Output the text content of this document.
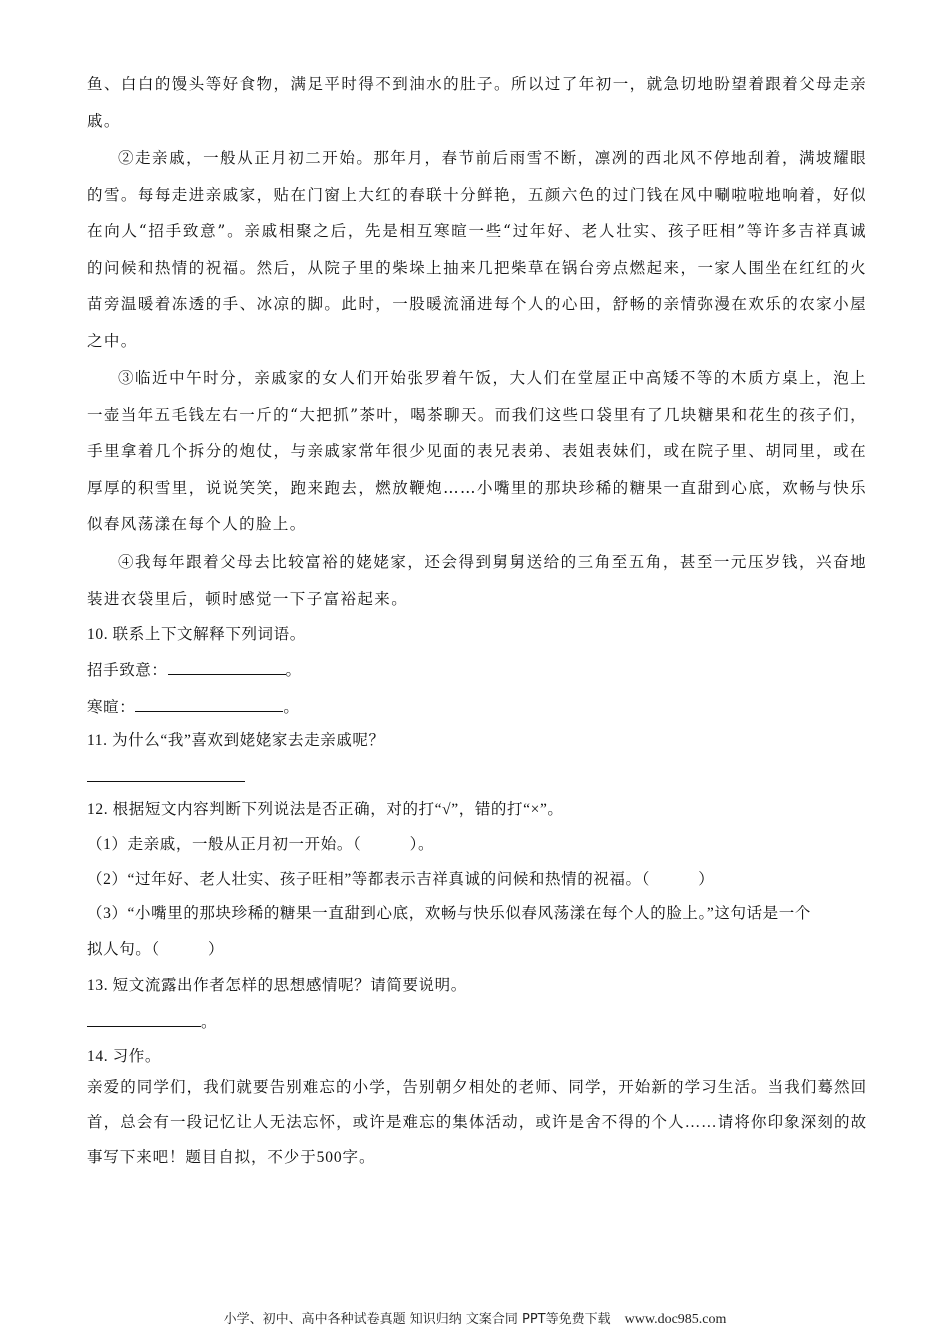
鱼、白白的馒头等好食物，满足平时得不到油水的肚子。所以过了年初一，就急切地盼望着跟着父母走亲戚。

②走亲戚，一般从正月初二开始。那年月，春节前后雨雪不断，凛冽的西北风不停地刮着，满坡耀眼的雪。每每走进亲戚家，贴在门窗上大红的春联十分鲜艳，五颜六色的过门钱在风中唰啦啦地响着，好似在向人“招手致意”。亲戚相聚之后，先是相互寒暄一些“过年好、老人壮实、孩子旺相”等许多吉祥真诚的问候和热情的祝福。然后，从院子里的柴垛上抽来几把柴草在锅台旁点燃起来，一家人围坐在红红的火苗旁温暖着冻透的手、冰凉的脚。此时，一股暖流涌进每个人的心田，舒畅的亲情弥漫在欢乐的农家小屋之中。

③临近中午时分，亲戚家的女人们开始张罗着午饭，大人们在堂屋正中高矮不等的木质方桌上，泡上一壶当年五毛钱左右一斤的“大把抓”茶叶，喝茶聊天。而我们这些口袋里有了几块糖果和花生的孩子们，手里拿着几个拆分的炮仗，与亲戚家常年很少见面的表兄表弟、表姐表妹们，或在院子里、胡同里，或在厚厚的积雪里，说说笑笑，跑来跑去，燃放鞭炮……小嘴里的那块珍稀的糖果一直甜到心底，欢畅与快乐似春风荡漾在每个人的脸上。

④我每年跟着父母去比较富裕的姥姥家，还会得到舅舅送给的三角至五角，甚至一元压岁钱，兴奋地装进衣袋里后，顿时感觉一下子富裕起来。

10. 联系上下文解释下列词语。
招手致意：	。
寒暄：	。
11. 为什么“我”喜欢到姥姥家去走亲戚呢？
12. 根据短文内容判断下列说法是否正确，对的打“√”，错的打“×”。
（1）走亲戚，一般从正月初一开始。（　　　）。
（2）“过年好、老人壮实、孩子旺相”等都表示吉祥真诚的问候和热情的祝福。（　　　）
（3）“小嘴里的那块珍稀的糖果一直甜到心底，欢畅与快乐似春风荡漾在每个人的脸上。”这句话是一个
拟人句。（　　　）
13. 短文流露出作者怎样的思想感情呢？请简要说明。
。
14. 习作。

亲爱的同学们，我们就要告别难忘的小学，告别朝夕相处的老师、同学，开始新的学习生活。当我们蓦然回首，总会有一段记忆让人无法忘怀，或许是难忘的集体活动，或许是舍不得的个人……请将你印象深刻的故事写下来吧！题目自拟，不少于500字。

小学、初中、高中各种试卷真题 知识归纳 文案合同 PPT等免费下载 www.doc985.com
